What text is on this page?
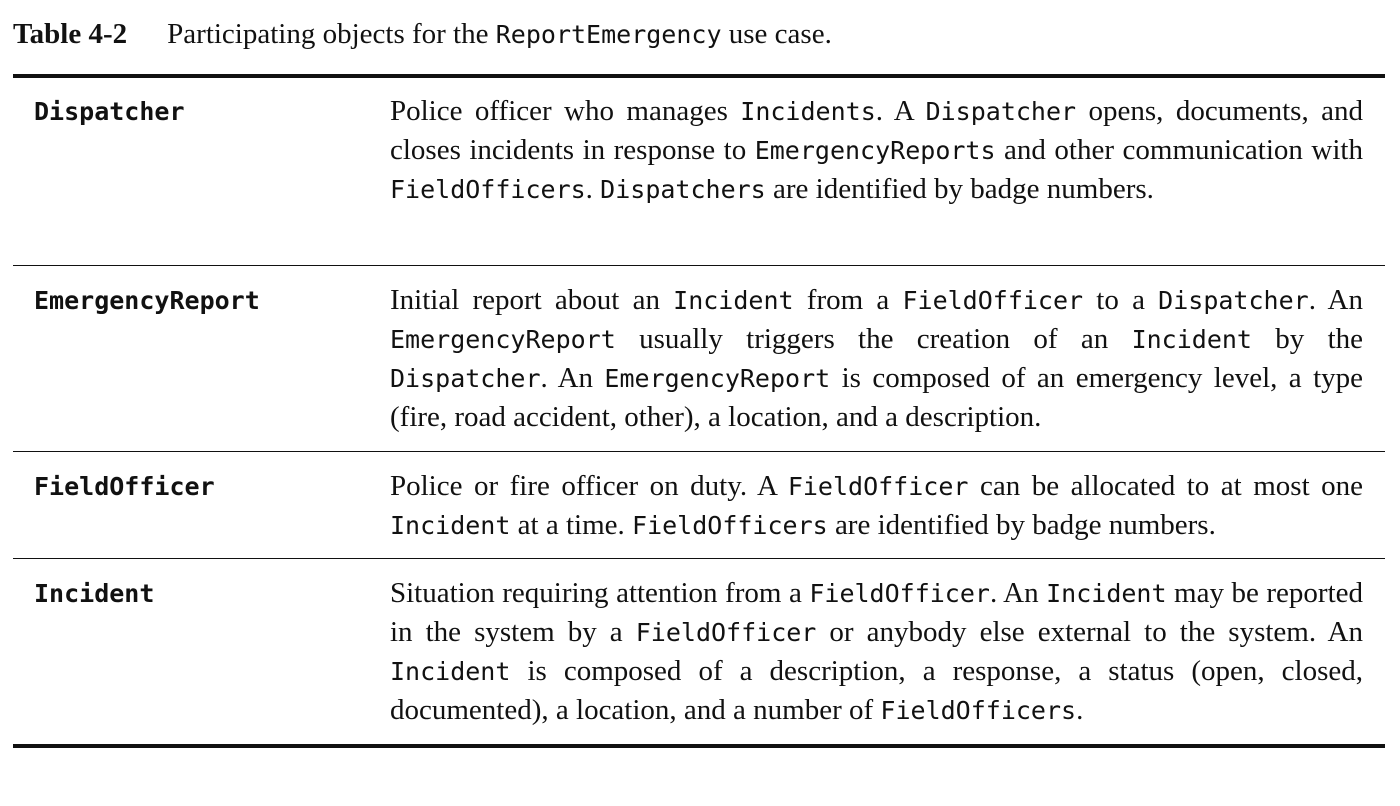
Table 4-2 Participating objects for the ReportEmergency use case.
Dispatcher	Police officer who manages Incidents. A Dispatcher opens, documents, and closes incidents in response to EmergencyReports and other communication with FieldOfficers. Dispatchers are identified by badge numbers.
EmergencyReport	Initial report about an Incident from a FieldOfficer to a Dispatcher. An EmergencyReport usually triggers the creation of an Incident by the Dispatcher. An EmergencyReport is composed of an emergency level, a type (fire, road accident, other), a location, and a description.
FieldOfficer	Police or fire officer on duty. A FieldOfficer can be allocated to at most one Incident at a time. FieldOfficers are identified by badge numbers.
Incident	Situation requiring attention from a FieldOfficer. An Incident may be reported in the system by a FieldOfficer or anybody else external to the system. An Incident is composed of a description, a response, a status (open, closed, documented), a location, and a number of FieldOfficers.
